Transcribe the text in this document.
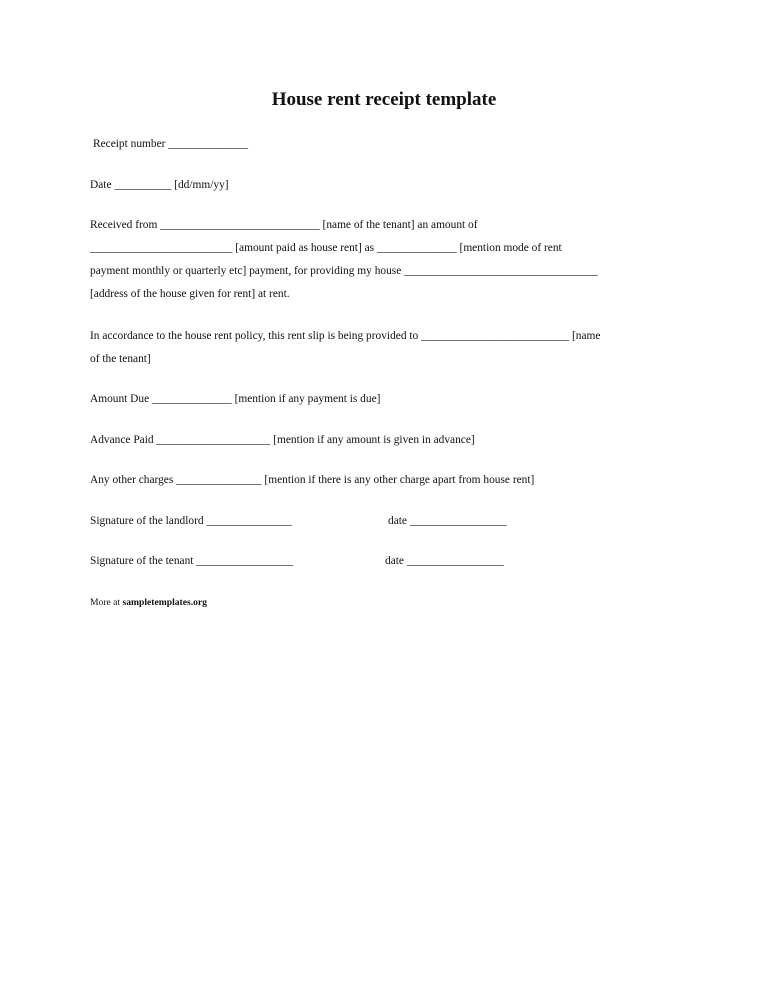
House rent receipt template
Receipt number ______________
Date __________ [dd/mm/yy]
Received from ____________________________ [name of the tenant] an amount of
_________________________ [amount paid as house rent] as ______________ [mention mode of rent
payment monthly or quarterly etc] payment, for providing my house __________________________________
[address of the house given for rent] at rent.
In accordance to the house rent policy, this rent slip is being provided to __________________________ [name
of the tenant]
Amount Due ______________ [mention if any payment is due]
Advance Paid ____________________ [mention if any amount is given in advance]
Any other charges _______________ [mention if there is any other charge apart from house rent]
Signature of the landlord _______________	date _________________
Signature of the tenant _________________	date _________________
More at sampletemplates.org
